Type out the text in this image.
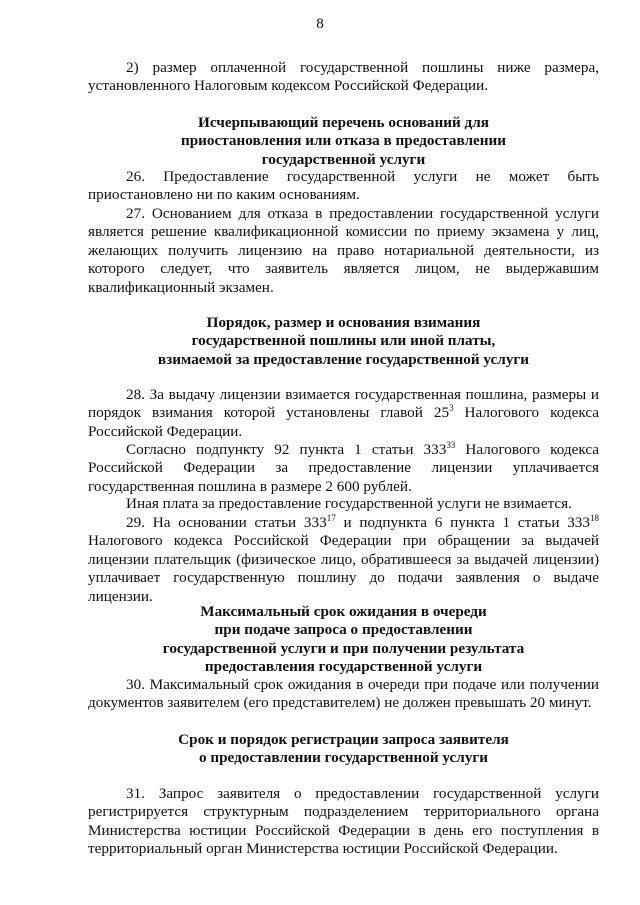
8

2) размер оплаченной государственной пошлины ниже размера, установленного Налоговым кодексом Российской Федерации.

Исчерпывающий перечень оснований для приостановления или отказа в предоставлении государственной услуги

26. Предоставление государственной услуги не может быть приостановлено ни по каким основаниям.

27. Основанием для отказа в предоставлении государственной услуги является решение квалификационной комиссии по приему экзамена у лиц, желающих получить лицензию на право нотариальной деятельности, из которого следует, что заявитель является лицом, не выдержавшим квалификационный экзамен.

Порядок, размер и основания взимания

государственной пошлины или иной платы,

взимаемой за предоставление государственной услуги

28. За выдачу лицензии взимается государственная пошлина, размеры и порядок взимания которой установлены главой $25^3$ Налогового кодекса Российской Федерации.

Согласно подпункту 92 пункта 1 статьи $333^{33}$ Налогового кодекса Российской Федерации за предоставление лицензии уплачивается государственная пошлина в размере 2 600 рублей.

Иная плата за предоставление государственной услуги не взимается.

29. На основании статьи $333^{17}$ и подпункта 6 пункта 1 статьи $333^{18}$ Налогового кодекса Российской Федерации при обращении за выдачей лицензии плательщик (физическое лицо, обратившееся за выдачей лицензии) уплачивает государственную пошлину до подачи заявления о выдаче лицензии.

Максимальный срок ожидания в очереди

при подаче запроса о предоставлении

государственной услуги и при получении результата

предоставления государственной услуги

30. Максимальный срок ожидания в очереди при подаче или получении документов заявителем (его представителем) не должен превышать 20 минут.

Срок и порядок регистрации запроса заявителя

о предоставлении государственной услуги

31. Запрос заявителя о предоставлении государственной услуги регистрируется структурным подразделением территориального органа Министерства юстиции Российской Федерации в день его поступления в территориальный орган Министерства юстиции Российской Федерации.
